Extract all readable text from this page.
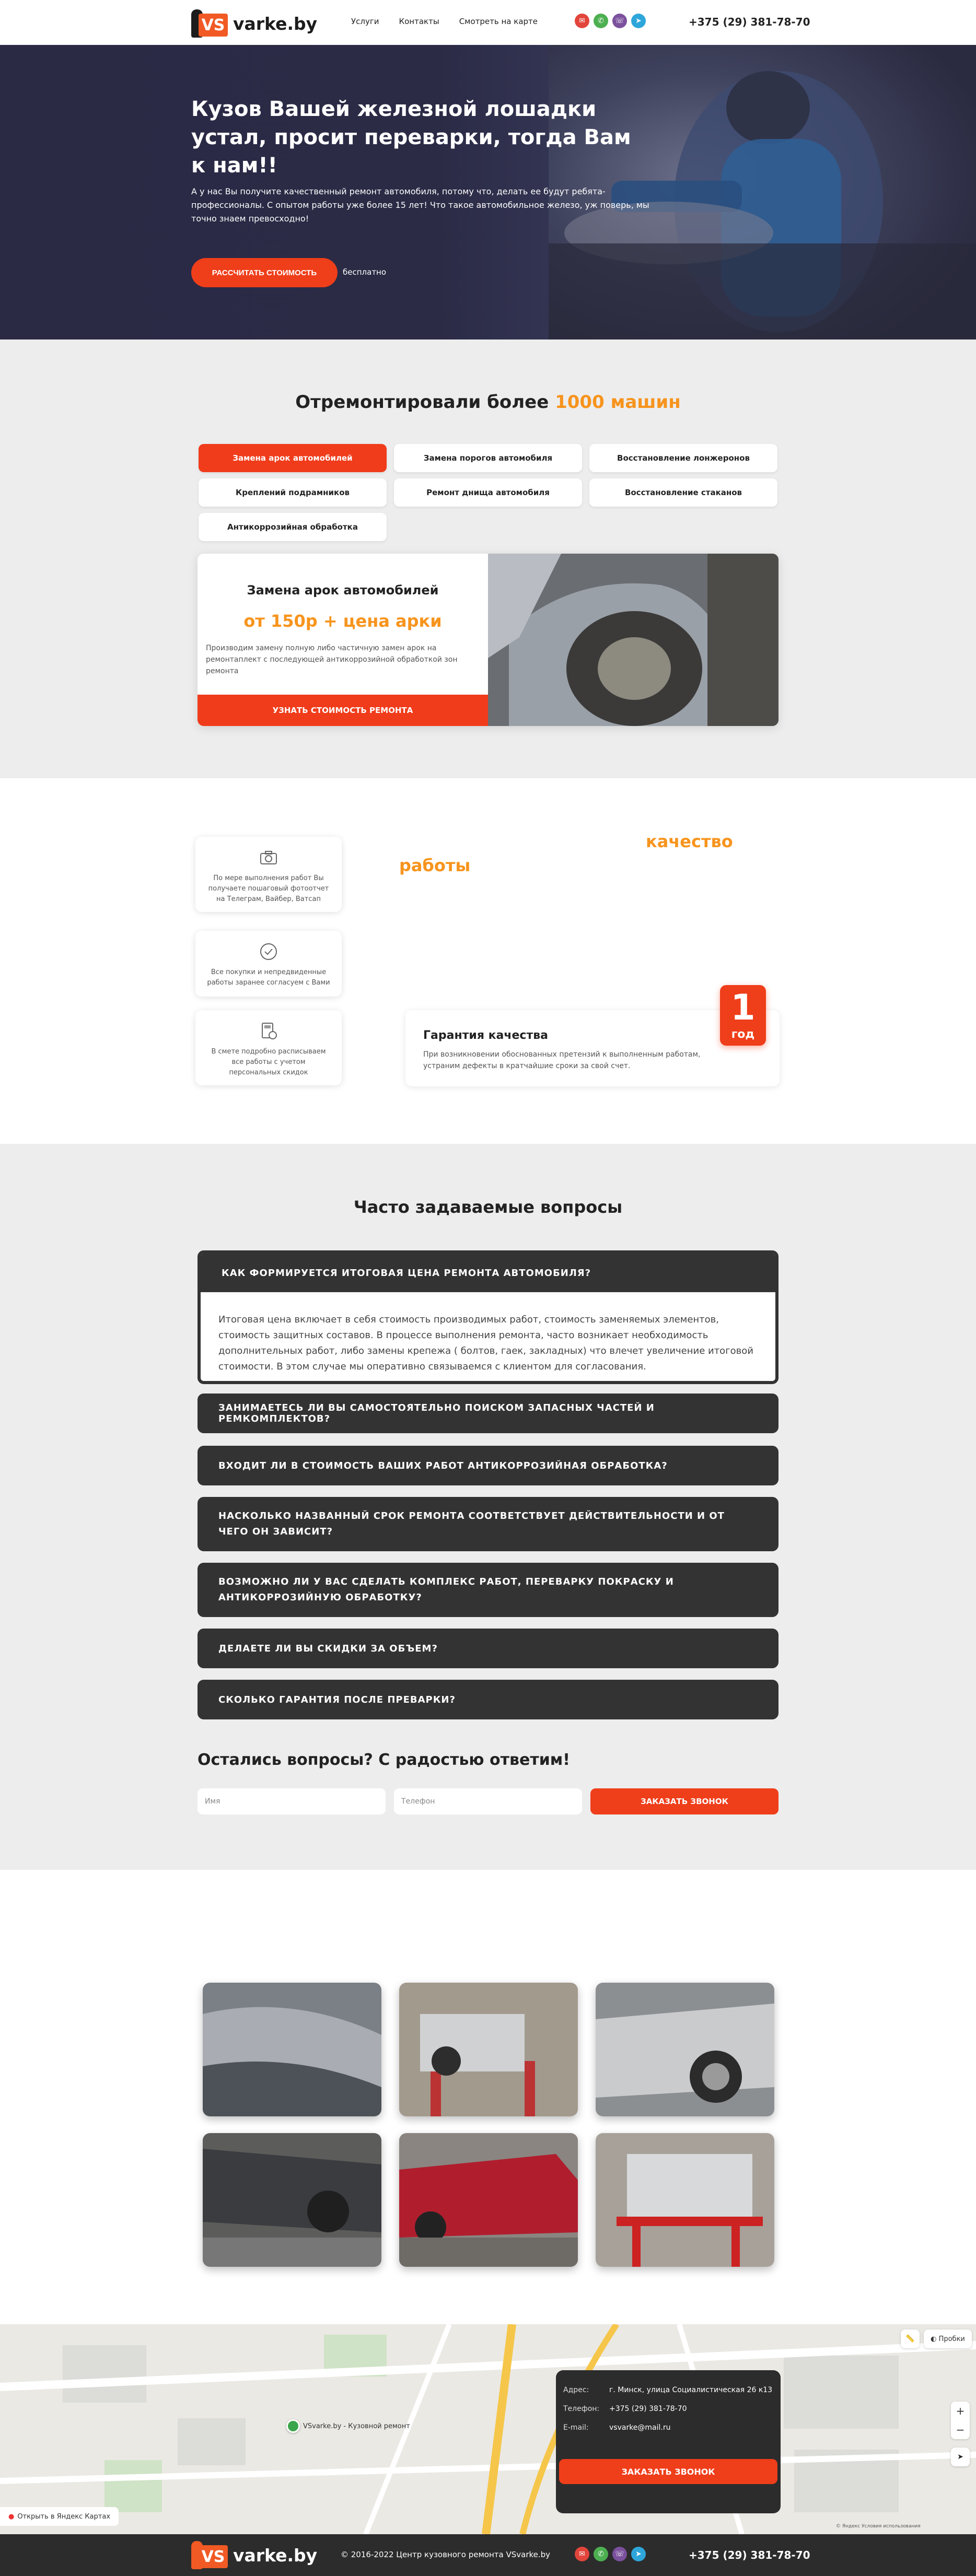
VS varke.by	Услуги	Контакты	Смотреть на карте	✉	✆	☏	➤	+375 (29) 381-78-70
Кузов Вашей железной лошадки устал, просит переварки, тогда Вам к нам!!
А у нас Вы получите качественный ремонт автомобиля, потому что, делать ее будут ребята-профессионалы. С опытом работы уже более 15 лет! Что такое автомобильное железо, уж поверь, мы точно знаем превосходно!
РАССЧИТАТЬ СТОИМОСТЬ	бесплатно
Отремонтировали более 1000 машин
Замена арок автомобилей	Замена порогов автомобиля	Восстановление лонжеронов
Креплений подрамников	Ремонт днища автомобиля	Восстановление стаканов
Антикоррозийная обработка
Замена арок автомобилей
от 150р + цена арки
Производим замену полную либо частичную замен арок на ремонтаплект с последующей антикоррозийной обработкой зон ремонта
УЗНАТЬ СТОИМОСТЬ РЕМОНТА
По мере выполнения работ Вы получаете пошаговый фотоотчет на Телеграм, Вайбер, Ватсап
Все покупки и непредвиденные работы заранее согласуем с Вами
В смете подробно расписываем все работы с учетом персональных скидок
качество
работы
Гарантия качества
При возникновении обоснованных претензий к выполненным работам, устраним дефекты в кратчайшие сроки за свой счет.
1
год
Часто задаваемые вопросы
КАК ФОРМИРУЕТСЯ ИТОГОВАЯ ЦЕНА РЕМОНТА АВТОМОБИЛЯ?
Итоговая цена включает в себя стоимость производимых работ, стоимость заменяемых элементов, стоимость защитных составов. В процессе выполнения ремонта, часто возникает необходимость дополнительных работ, либо замены крепежа ( болтов, гаек, закладных) что влечет увеличение итоговой стоимости. В этом случае мы оперативно связываемся с клиентом для согласования.
ЗАНИМАЕТЕСЬ ЛИ ВЫ САМОСТОЯТЕЛЬНО ПОИСКОМ ЗАПАСНЫХ ЧАСТЕЙ И РЕМКОМПЛЕКТОВ?
ВХОДИТ ЛИ В СТОИМОСТЬ ВАШИХ РАБОТ АНТИКОРРОЗИЙНАЯ ОБРАБОТКА?
НАСКОЛЬКО НАЗВАННЫЙ СРОК РЕМОНТА СООТВЕТСТВУЕТ ДЕЙСТВИТЕЛЬНОСТИ И ОТ ЧЕГО ОН ЗАВИСИТ?
ВОЗМОЖНО ЛИ У ВАС СДЕЛАТЬ КОМПЛЕКС РАБОТ, ПЕРЕВАРКУ ПОКРАСКУ И АНТИКОРРОЗИЙНУЮ ОБРАБОТКУ?
ДЕЛАЕТЕ ЛИ ВЫ СКИДКИ ЗА ОБЪЕМ?
СКОЛЬКО ГАРАНТИЯ ПОСЛЕ ПРЕВАРКИ?
Остались вопросы? С радостью ответим!
Имя	Телефон	ЗАКАЗАТЬ ЗВОНОК
VSvarke.by - Кузовной ремонт
Адрес:	г. Минск, улица Социалистическая 26 к13
Телефон: +375 (29) 381-78-70
E-mail:	vsvarke@mail.ru
ЗАКАЗАТЬ ЗВОНОК
📏	◐
Пробки
+
−
➤
● Открыть в Яндекс Картах
© Яндекс Условия использования
VS varke.by	© 2016-2022 Центр кузовного ремонта VSvarke.by	✉	✆	☏	➤	+375 (29) 381-78-70
